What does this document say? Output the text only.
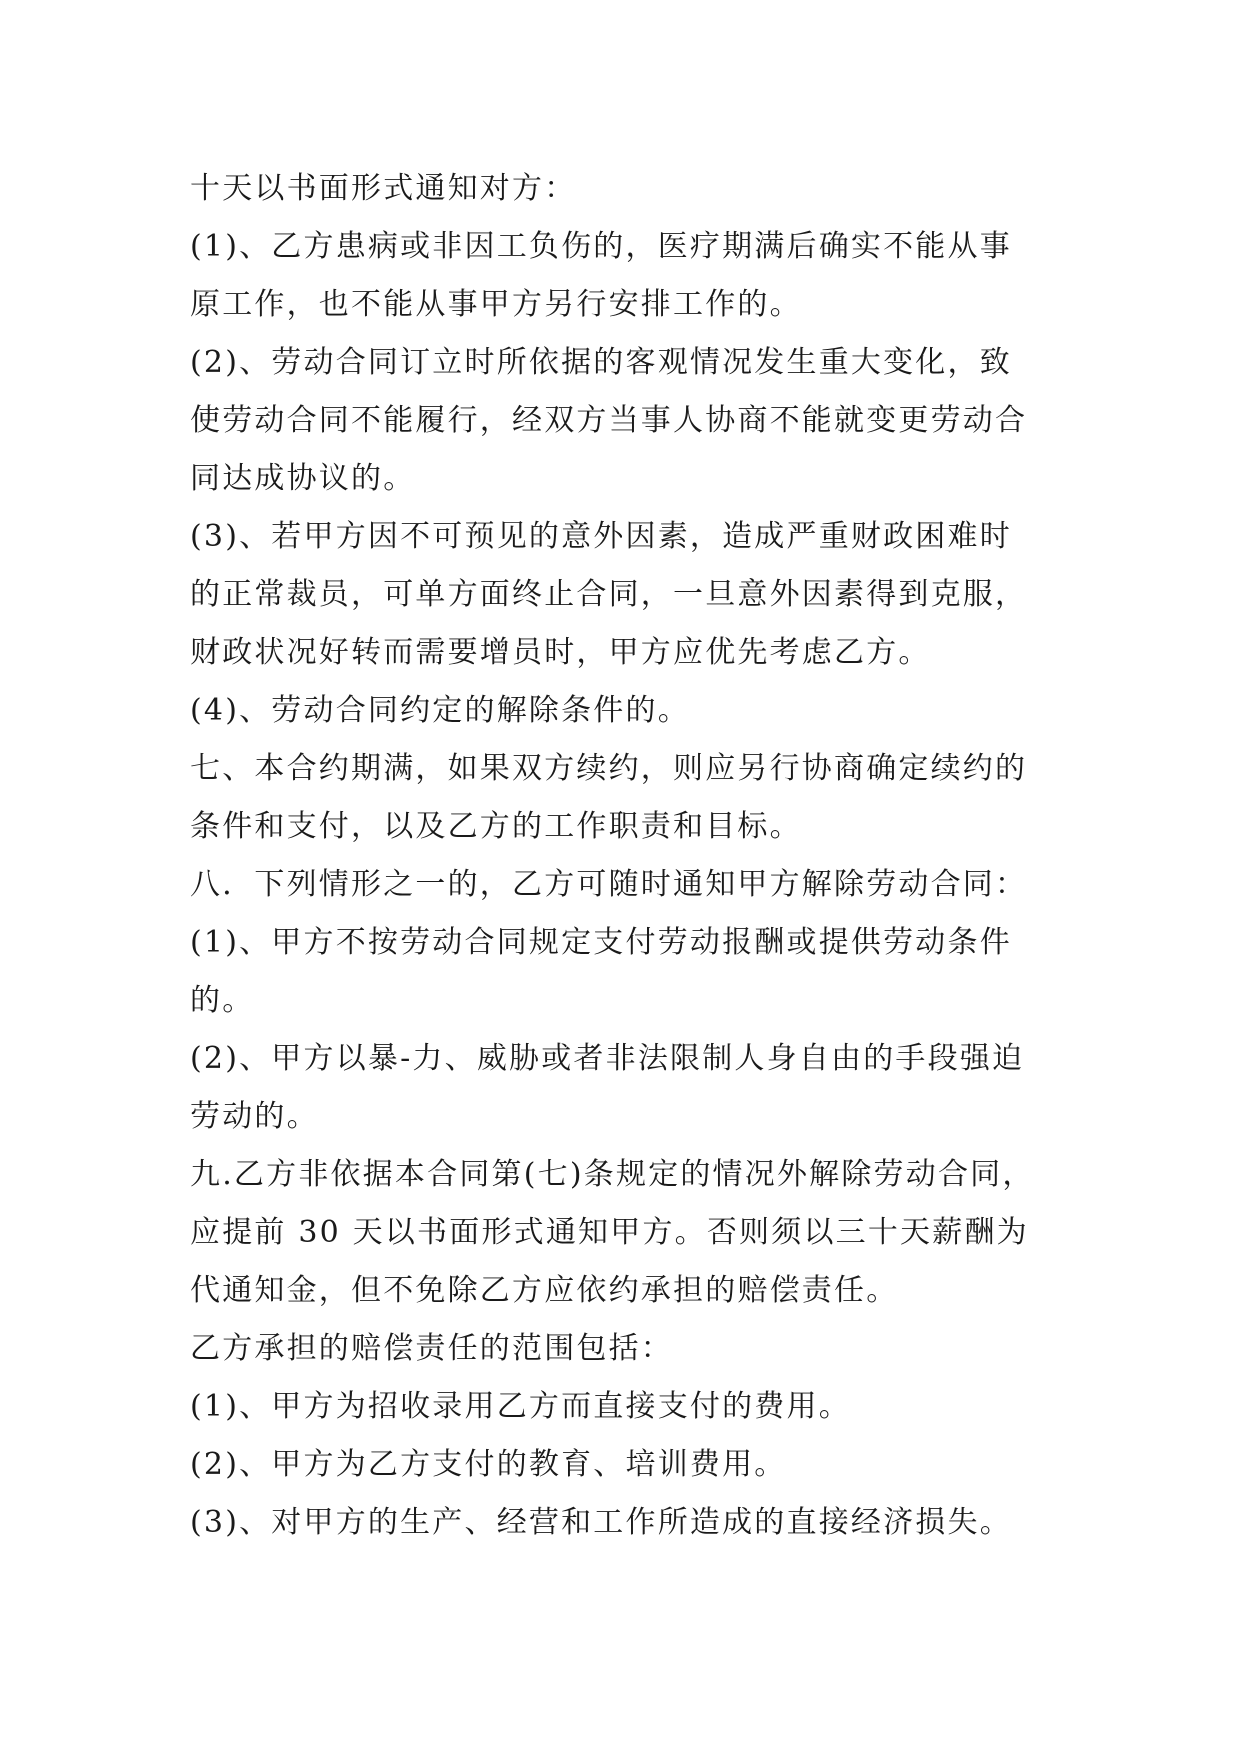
十天以书面形式通知对方：

(1)、乙方患病或非因工负伤的，医疗期满后确实不能从事

原工作，也不能从事甲方另行安排工作的。

(2)、劳动合同订立时所依据的客观情况发生重大变化，致

使劳动合同不能履行，经双方当事人协商不能就变更劳动合

同达成协议的。

(3)、若甲方因不可预见的意外因素，造成严重财政困难时

的正常裁员，可单方面终止合同，一旦意外因素得到克服，

财政状况好转而需要增员时，甲方应优先考虑乙方。

(4)、劳动合同约定的解除条件的。

七、本合约期满，如果双方续约，则应另行协商确定续约的

条件和支付，以及乙方的工作职责和目标。

八．下列情形之一的，乙方可随时通知甲方解除劳动合同：

(1)、甲方不按劳动合同规定支付劳动报酬或提供劳动条件

的。

(2)、甲方以暴-力、威胁或者非法限制人身自由的手段强迫

劳动的。

九.乙方非依据本合同第(七)条规定的情况外解除劳动合同，

应提前 30 天以书面形式通知甲方。否则须以三十天薪酬为

代通知金，但不免除乙方应依约承担的赔偿责任。

乙方承担的赔偿责任的范围包括：

(1)、甲方为招收录用乙方而直接支付的费用。

(2)、甲方为乙方支付的教育、培训费用。

(3)、对甲方的生产、经营和工作所造成的直接经济损失。
